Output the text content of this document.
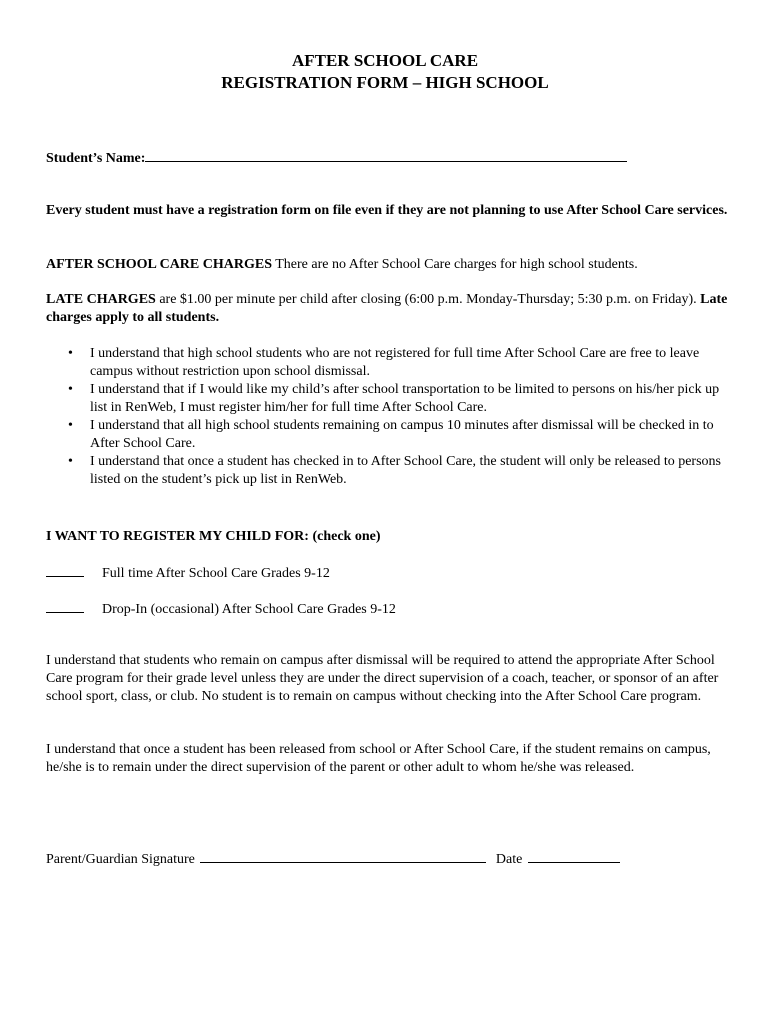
AFTER SCHOOL CARE
REGISTRATION FORM – HIGH SCHOOL
Student’s Name:
Every student must have a registration form on file even if they are not planning to use After School Care services.
AFTER SCHOOL CARE CHARGES There are no After School Care charges for high school students.
LATE CHARGES are $1.00 per minute per child after closing (6:00 p.m. Monday-Thursday; 5:30 p.m. on Friday). Late charges apply to all students.
• I understand that high school students who are not registered for full time After School Care are free to leave campus without restriction upon school dismissal.
• I understand that if I would like my child’s after school transportation to be limited to persons on his/her pick up list in RenWeb, I must register him/her for full time After School Care.
• I understand that all high school students remaining on campus 10 minutes after dismissal will be checked in to After School Care.
• I understand that once a student has checked in to After School Care, the student will only be released to persons listed on the student’s pick up list in RenWeb.
I WANT TO REGISTER MY CHILD FOR: (check one)
Full time After School Care Grades 9-12
Drop-In (occasional) After School Care Grades 9-12
I understand that students who remain on campus after dismissal will be required to attend the appropriate After School Care program for their grade level unless they are under the direct supervision of a coach, teacher, or sponsor of an after school sport, class, or club. No student is to remain on campus without checking into the After School Care program.
I understand that once a student has been released from school or After School Care, if the student remains on campus, he/she is to remain under the direct supervision of the parent or other adult to whom he/she was released.
Parent/Guardian Signature	Date
